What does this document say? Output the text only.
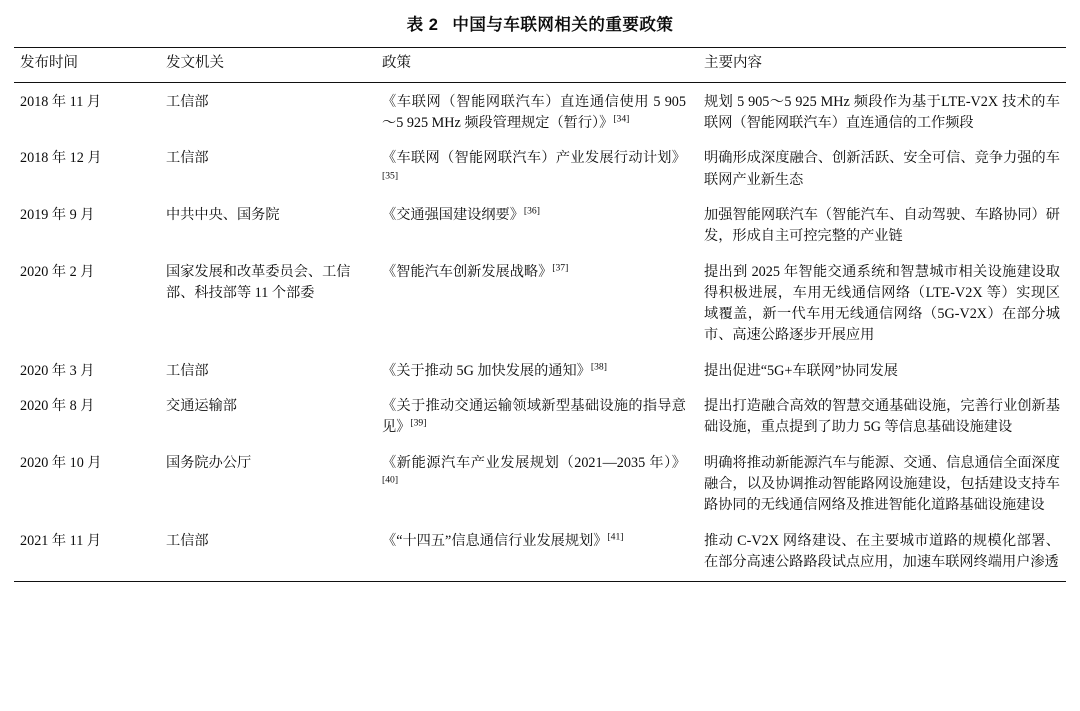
表 2 中国与车联网相关的重要政策
发布时间	发文机关	政策	主要内容
2018 年 11 月	工信部	《车联网（智能网联汽车）直连通信使用 5 905～5 925 MHz 频段管理规定（暂行）》[34]	规划 5 905～5 925 MHz 频段作为基于LTE-V2X 技术的车联网（智能网联汽车）直连通信的工作频段
2018 年 12 月	工信部	《车联网（智能网联汽车）产业发展行动计划》[35]	明确形成深度融合、创新活跃、安全可信、竞争力强的车联网产业新生态
2019 年 9 月	中共中央、国务院	《交通强国建设纲要》[36]	加强智能网联汽车（智能汽车、自动驾驶、车路协同）研发，形成自主可控完整的产业链
2020 年 2 月	国家发展和改革委员会、工信部、科技部等 11 个部委	《智能汽车创新发展战略》[37]	提出到 2025 年智能交通系统和智慧城市相关设施建设取得积极进展，车用无线通信网络（LTE-V2X 等）实现区域覆盖，新一代车用无线通信网络（5G-V2X）在部分城市、高速公路逐步开展应用
2020 年 3 月	工信部	《关于推动 5G 加快发展的通知》[38]	提出促进“5G+车联网”协同发展
2020 年 8 月	交通运输部	《关于推动交通运输领域新型基础设施的指导意见》[39]	提出打造融合高效的智慧交通基础设施，完善行业创新基础设施，重点提到了助力 5G 等信息基础设施建设
2020 年 10 月	国务院办公厅	《新能源汽车产业发展规划（2021—2035 年）》[40]	明确将推动新能源汽车与能源、交通、信息通信全面深度融合，以及协调推动智能路网设施建设，包括建设支持车路协同的无线通信网络及推进智能化道路基础设施建设
2021 年 11 月	工信部	《“十四五”信息通信行业发展规划》[41]	推动 C-V2X 网络建设、在主要城市道路的规模化部署、在部分高速公路路段试点应用，加速车联网终端用户渗透
